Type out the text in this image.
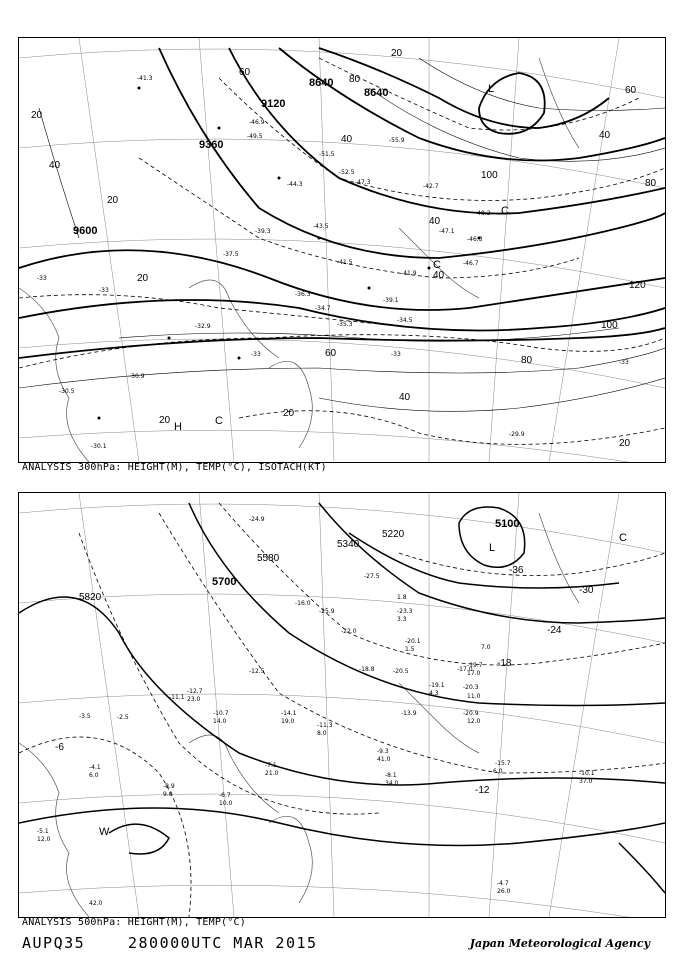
8640
8640
9120
9360
9600
20
20
20
20
20
20
20
40
40
40
40
40
40
60
60
60
80
80
80
100
100
120
L
H	C
C
C
-41.3
-46.9
-49.5
-52.5
-55.9
-51.5
-47.3
-44.3	-42.7
-39.3
-43.5
-41.5
-39.1
-36.3
-34.7
-35.3
-34.5
-32.9
-30.9
-30.5
-30.1
-29.9
-46.3
-46.7
-48.2
-47.1
-41.9
-37.5
-33
-33
-33	-33
-33
ANALYSIS 300hPa: HEIGHT(M), TEMP(°C), ISOTACH(KT)
5100
5220
5340
5580
5700
5820
-36
-30
-24
-18
-12
-6
L
C
W
-24.9
-27.5
-23.3
-25.9
-22.0
-20.1
-18.8
-19.7
-20.5
-20.3
-20.9
-15.7
-10.1
-13.9
-12.5
-12.7
-11.3
-10.7
-9.3
-8.9
-8.1
-7.1
-6.7
-5.1
-4.7
-4.1
-3.5	-2.5
-11.1
-14.1
-16.0
-19.1
-17.0
6.0
1.8
3.3
1.5	7.0
17.0
11.0
12.0
37.0
34.0
26.0
42.0
12.0
6.0
9.0
10.0
21.0
14.0
23.0
8.0
41.0
4.3
19.0
ANALYSIS 500hPa: HEIGHT(M), TEMP(°C)
AUPQ35	280000UTC MAR 2015	Japan Meteorological Agency
